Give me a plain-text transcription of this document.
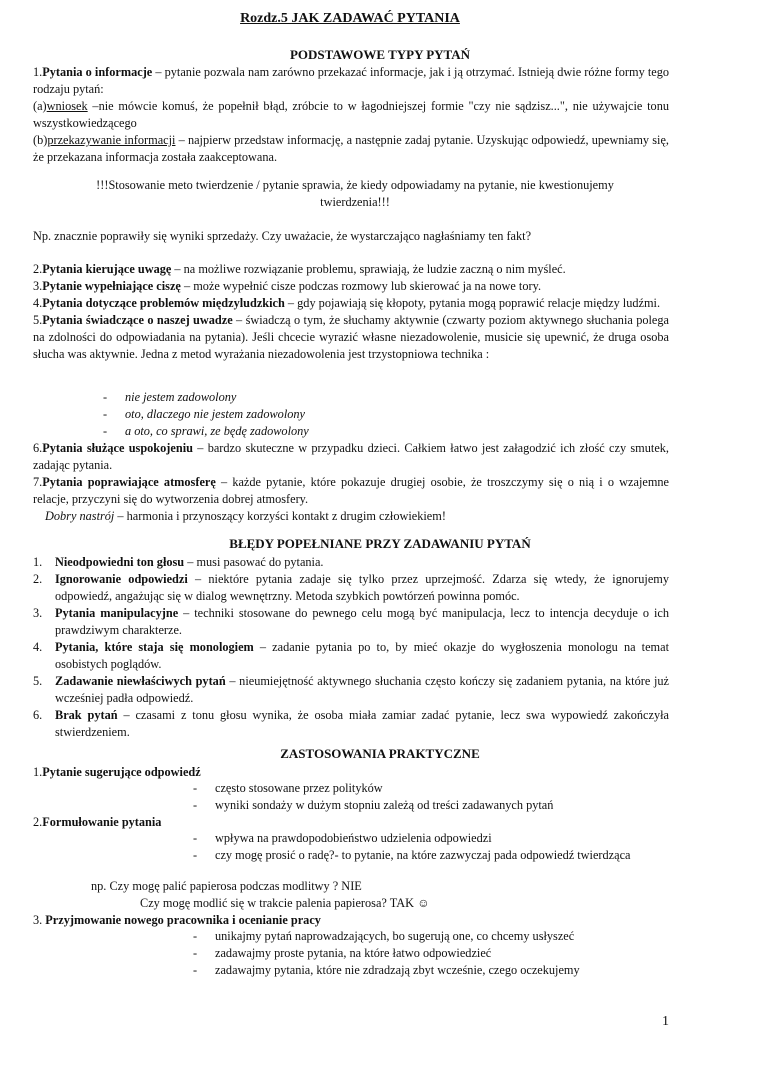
Rozdz.5 JAK ZADAWAĆ PYTANIA
PODSTAWOWE TYPY PYTAŃ
1.Pytania o informacje – pytanie pozwala nam zarówno przekazać informacje, jak i ją otrzymać. Istnieją dwie różne formy tego rodzaju pytań:
(a)wniosek –nie mówcie komuś, że popełnił błąd, zróbcie to w łagodniejszej formie "czy nie sądzisz...", nie używajcie tonu wszystkowiedzącego
(b)przekazywanie informacji – najpierw przedstaw informację, a następnie zadaj pytanie. Uzyskując odpowiedź, upewniamy się, że przekazana informacja została zaakceptowana.
!!!Stosowanie meto twierdzenie / pytanie sprawia, że kiedy odpowiadamy na pytanie, nie kwestionujemy twierdzenia!!!
Np. znacznie poprawiły się wyniki sprzedaży. Czy uważacie, że wystarczająco nagłaśniamy ten fakt?
2.Pytania kierujące uwagę – na możliwe rozwiązanie problemu, sprawiają, że ludzie zaczną o nim myśleć.
3.Pytanie wypełniające ciszę – może wypełnić cisze podczas rozmowy lub skierować ja na nowe tory.
4.Pytania dotyczące problemów międzyludzkich – gdy pojawiają się kłopoty, pytania mogą poprawić relacje między ludźmi.
5.Pytania świadczące o naszej uwadze – świadczą o tym, że słuchamy aktywnie (czwarty poziom aktywnego słuchania polega na zdolności do odpowiadania na pytania). Jeśli chcecie wyrazić własne niezadowolenie, musicie się upewnić, że druga osoba słucha was aktywnie. Jedna z metod wyrażania niezadowolenia jest trzystopniowa technika :
-	nie jestem zadowolony
-	oto, dlaczego nie jestem zadowolony
-	a oto, co sprawi, ze będę zadowolony
6.Pytania służące uspokojeniu – bardzo skuteczne w przypadku dzieci. Całkiem łatwo jest załagodzić ich złość czy smutek, zadając pytania.
7.Pytania poprawiające atmosferę – każde pytanie, które pokazuje drugiej osobie, że troszczymy się o nią i o wzajemne relacje, przyczyni się do wytworzenia dobrej atmosfery.
Dobry nastrój – harmonia i przynoszący korzyści kontakt z drugim człowiekiem!
BŁĘDY POPEŁNIANE PRZY ZADAWANIU PYTAŃ
1.	Nieodpowiedni ton głosu – musi pasować do pytania.
2.	Ignorowanie odpowiedzi – niektóre pytania zadaje się tylko przez uprzejmość. Zdarza się wtedy, że ignorujemy odpowiedź, angażując się w dialog wewnętrzny. Metoda szybkich powtórzeń powinna pomóc.
3.	Pytania manipulacyjne – techniki stosowane do pewnego celu mogą być manipulacja, lecz to intencja decyduje o ich prawdziwym charakterze.
4.	Pytania, które staja się monologiem – zadanie pytania po to, by mieć okazje do wygłoszenia monologu na temat osobistych poglądów.
5.	Zadawanie niewłaściwych pytań – nieumiejętność aktywnego słuchania często kończy się zadaniem pytania, na które już wcześniej padła odpowiedź.
6.	Brak pytań – czasami z tonu głosu wynika, że osoba miała zamiar zadać pytanie, lecz swa wypowiedź zakończyła stwierdzeniem.
ZASTOSOWANIA PRAKTYCZNE
1.Pytanie sugerujące odpowiedź
-	często stosowane przez polityków
-	wyniki sondaży w dużym stopniu zależą od treści zadawanych pytań
2.Formułowanie pytania
-	wpływa na prawdopodobieństwo udzielenia odpowiedzi
-	czy mogę prosić o radę?- to pytanie, na które zazwyczaj pada odpowiedź twierdząca
np. Czy mogę palić papierosa podczas modlitwy ? NIE
Czy mogę modlić się w trakcie palenia papierosa? TAK ☺
3. Przyjmowanie nowego pracownika i ocenianie pracy
-	unikajmy pytań naprowadzających, bo sugerują one, co chcemy usłyszeć
-	zadawajmy proste pytania, na które łatwo odpowiedzieć
-	zadawajmy pytania, które nie zdradzają zbyt wcześnie, czego oczekujemy
1
